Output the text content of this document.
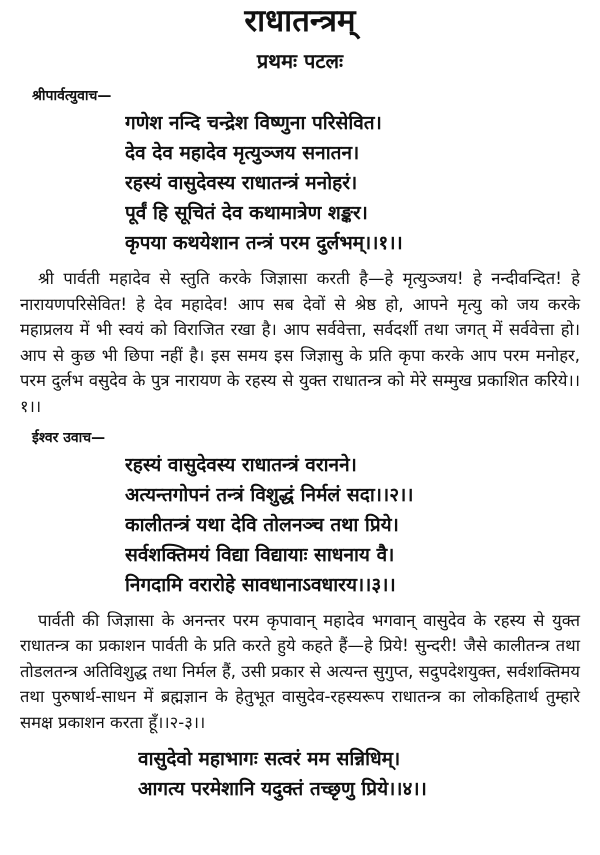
राधातन्त्रम्
प्रथमः पटलः
श्रीपार्वत्युवाच—
गणेश नन्दि चन्द्रेश विष्णुना परिसेवित।
देव देव महादेव मृत्युञ्जय सनातन।
रहस्यं वासुदेवस्य राधातन्त्रं मनोहरं।
पूर्वं हि सूचितं देव कथामात्रेण शङ्कर।
कृपया कथयेशान तन्त्रं परम दुर्लभम्।।१।।

श्री पार्वती महादेव से स्तुति करके जिज्ञासा करती है—हे मृत्युञ्जय! हे नन्दीवन्दित! हे नारायणपरिसेवित! हे देव महादेव! आप सब देवों से श्रेष्ठ हो, आपने मृत्यु को जय करके महाप्रलय में भी स्वयं को विराजित रखा है। आप सर्ववेत्ता, सर्वदर्शी तथा जगत् में सर्ववेत्ता हो। आप से कुछ भी छिपा नहीं है। इस समय इस जिज्ञासु के प्रति कृपा करके आप परम मनोहर, परम दुर्लभ वसुदेव के पुत्र नारायण के रहस्य से युक्त राधातन्त्र को मेरे सम्मुख प्रकाशित करिये।।१।।

ईश्वर उवाच—
रहस्यं वासुदेवस्य राधातन्त्रं वरानने।
अत्यन्तगोपनं तन्त्रं विशुद्धं निर्मलं सदा।।२।।
कालीतन्त्रं यथा देवि तोलनञ्च तथा प्रिये।
सर्वशक्तिमयं विद्या विद्यायाः साधनाय वै।
निगदामि वरारोहे सावधानाऽवधारय।।३।।

पार्वती की जिज्ञासा के अनन्तर परम कृपावान् महादेव भगवान् वासुदेव के रहस्य से युक्त राधातन्त्र का प्रकाशन पार्वती के प्रति करते हुये कहते हैं—हे प्रिये! सुन्दरी! जैसे कालीतन्त्र तथा तोडलतन्त्र अतिविशुद्ध तथा निर्मल हैं, उसी प्रकार से अत्यन्त सुगुप्त, सदुपदेशयुक्त, सर्वशक्तिमय तथा पुरुषार्थ-साधन में ब्रह्मज्ञान के हेतुभूत वासुदेव-रहस्यरूप राधातन्त्र का लोकहितार्थ तुम्हारे समक्ष प्रकाशन करता हूँ।।२-३।।

वासुदेवो महाभागः सत्वरं मम सन्निधिम्।
आगत्य परमेशानि यदुक्तं तच्छृणु प्रिये।।४।।
